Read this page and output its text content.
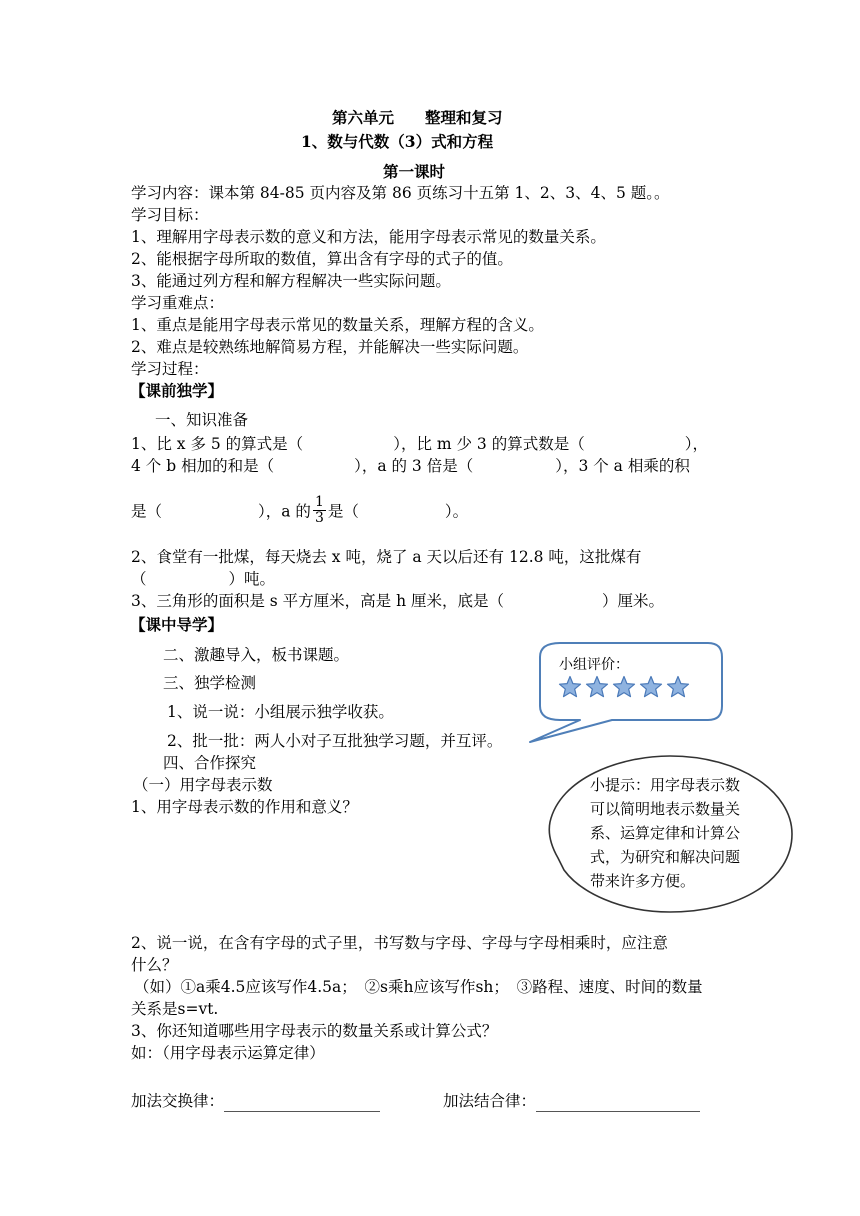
第六单元　　整理和复习
1、数与代数（3）式和方程
第一课时
学习内容：课本第 84-85 页内容及第 86 页练习十五第 1、2、3、4、5 题。。
学习目标：
1、理解用字母表示数的意义和方法，能用字母表示常见的数量关系。
2、能根据字母所取的数值，算出含有字母的式子的值。
3、能通过列方程和解方程解决一些实际问题。
学习重难点：
1、重点是能用字母表示常见的数量关系，理解方程的含义。
2、难点是较熟练地解简易方程，并能解决一些实际问题。
学习过程：
【课前独学】
一、知识准备
1、比 x 多 5 的算式是（	），比 m 少 3 的算式数是（	），
4 个 b 相加的和是（	），a 的 3 倍是（	），3 个 a 相乘的积
是（	），a 的 $\frac{1}{3}$ 是（	）。
2、食堂有一批煤，每天烧去 x 吨，烧了 a 天以后还有 12.8 吨，这批煤有
（	）吨。
3、三角形的面积是 s 平方厘米，高是 h 厘米，底是（	）厘米。
【课中导学】
二、激趣导入，板书课题。
三、独学检测
1、说一说：小组展示独学收获。
2、批一批：两人小对子互批独学习题，并互评。
四、合作探究
（一）用字母表示数
1、用字母表示数的作用和意义？
2、说一说，在含有字母的式子里，书写数与字母、字母与字母相乘时，应注意
什么？
（如）①a乘4.5应该写作4.5a；　②s乘h应该写作sh；　③路程、速度、时间的数量
关系是s=vt.
3、你还知道哪些用字母表示的数量关系或计算公式？
如：（用字母表示运算定律）
加法交换律：	加法结合律：
小组评价：
小提示：用字母表示数
可以简明地表示数量关
系、运算定律和计算公
式，为研究和解决问题
带来许多方便。
